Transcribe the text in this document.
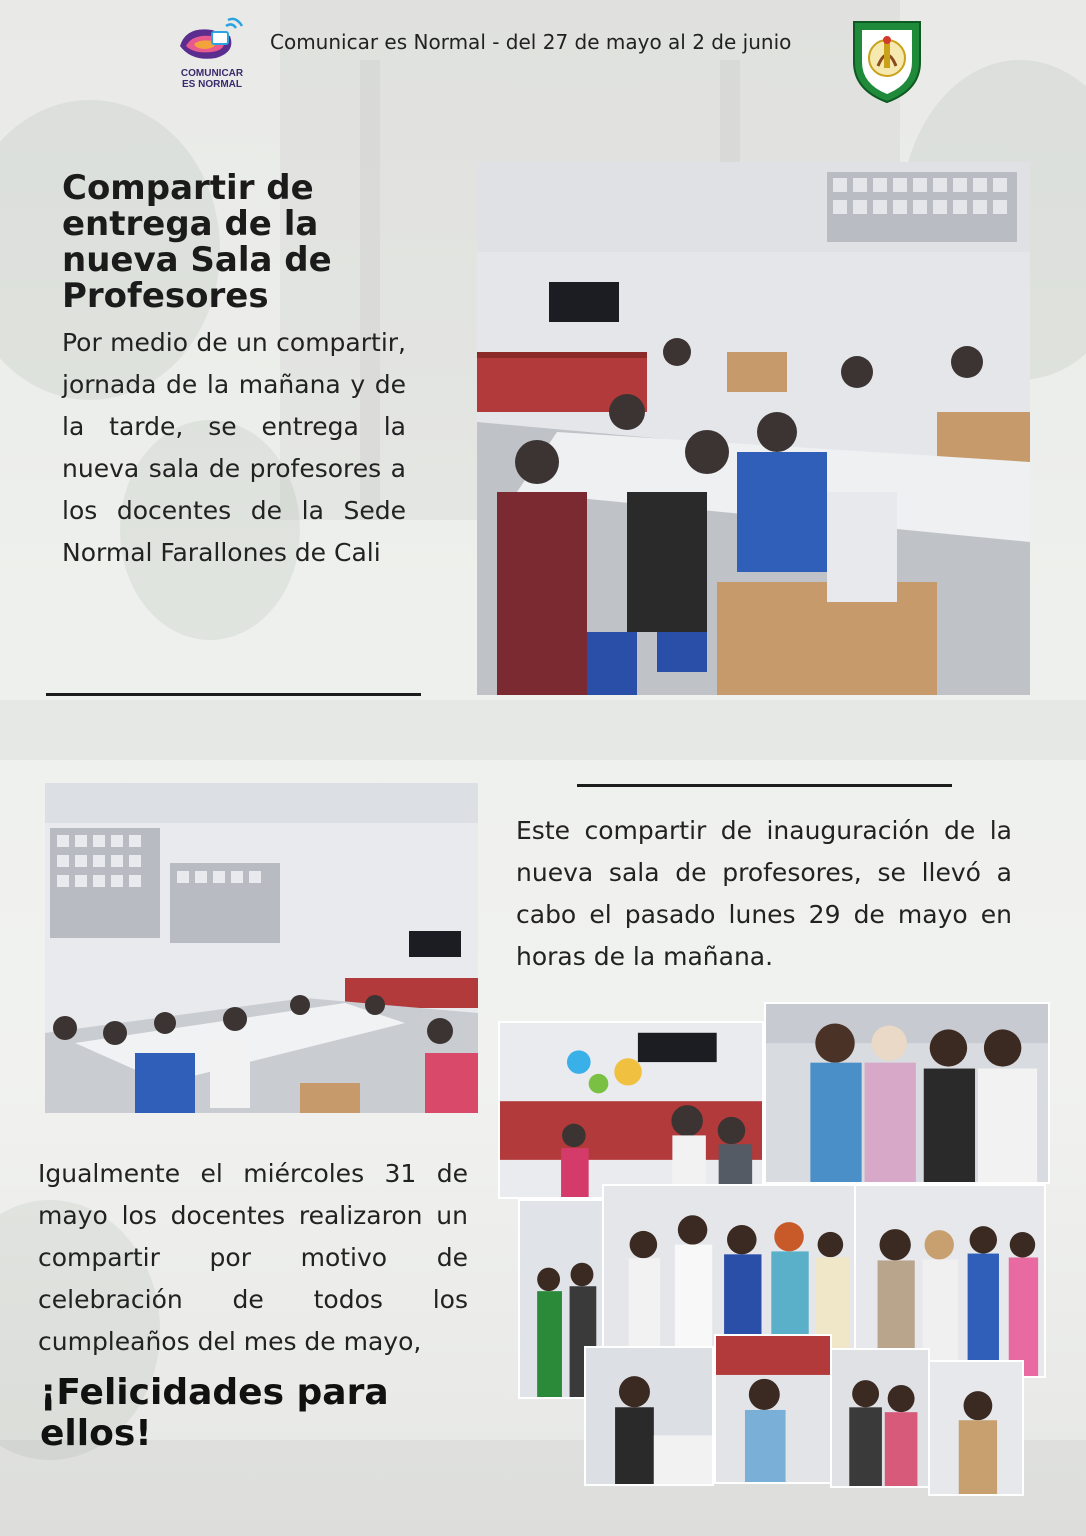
COMUNICAR
ES NORMAL
Comunicar es Normal - del 27 de mayo al 2 de junio
Compartir de entrega de la nueva Sala de Profesores

Por medio de un compartir, jornada de la mañana y de la tarde, se entrega la nueva sala de profesores a los docentes de la Sede Normal Farallones de Cali

Este compartir de inauguración de la nueva sala de profesores, se llevó a cabo el pasado lunes 29 de mayo en horas de la mañana.

Igualmente el miércoles 31 de mayo los docentes realizaron un compartir por motivo de celebración de todos los cumpleaños del mes de mayo,

¡Felicidades para ellos!
